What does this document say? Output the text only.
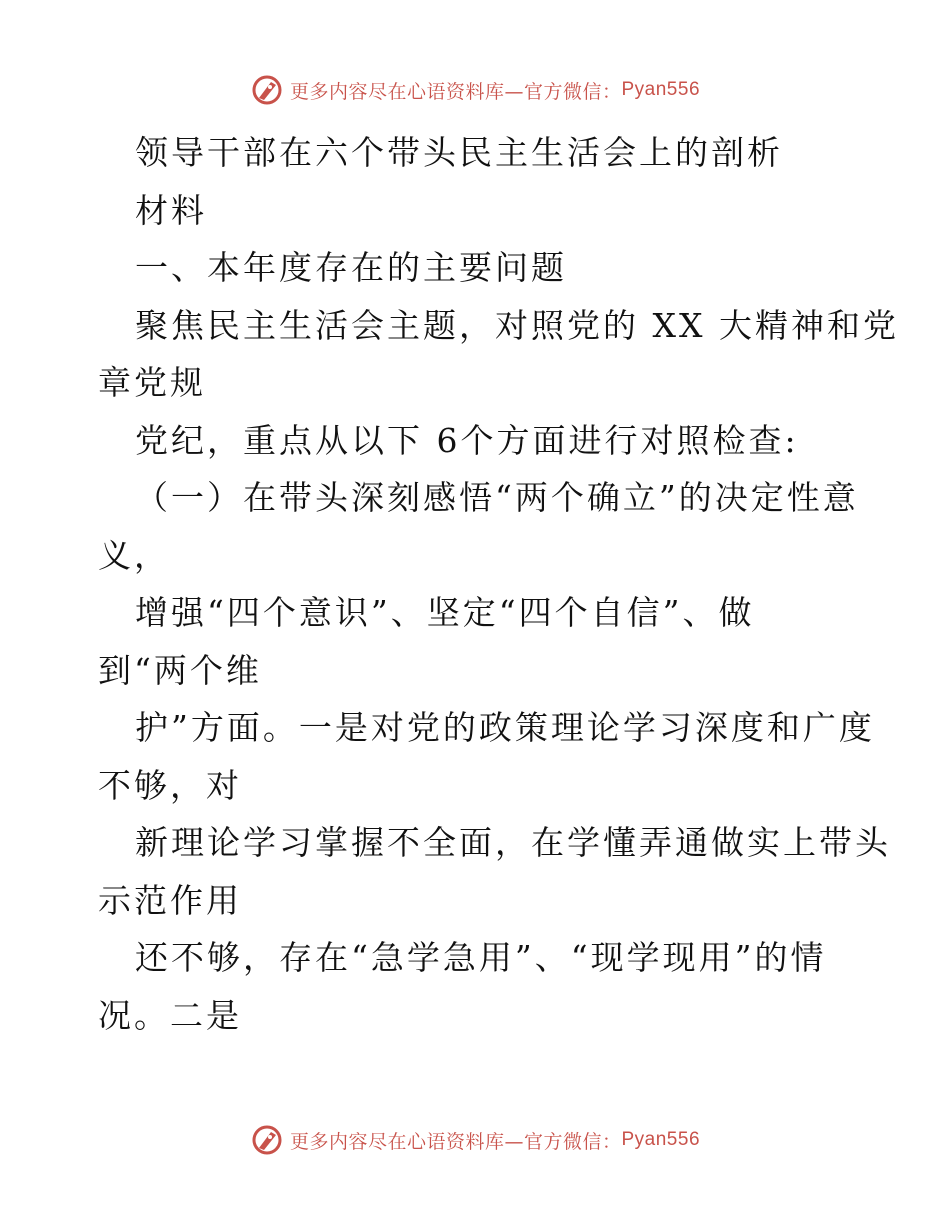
更多内容尽在心语资料库—官方微信： Pyan556
领导干部在六个带头民主生活会上的剖析
材料
一、本年度存在的主要问题
聚焦民主生活会主题，对照党的 XX 大精神和党
章党规
党纪，重点从以下 6个方面进行对照检查:
（一）在带头深刻感悟“两个确立”的决定性意
义，
增强“四个意识”、坚定“四个自信”、做
到“两个维
护”方面。一是对党的政策理论学习深度和广度
不够，对
新理论学习掌握不全面，在学懂弄通做实上带头
示范作用
还不够，存在“急学急用”、“现学现用”的情
况。二是
更多内容尽在心语资料库—官方微信： Pyan556
